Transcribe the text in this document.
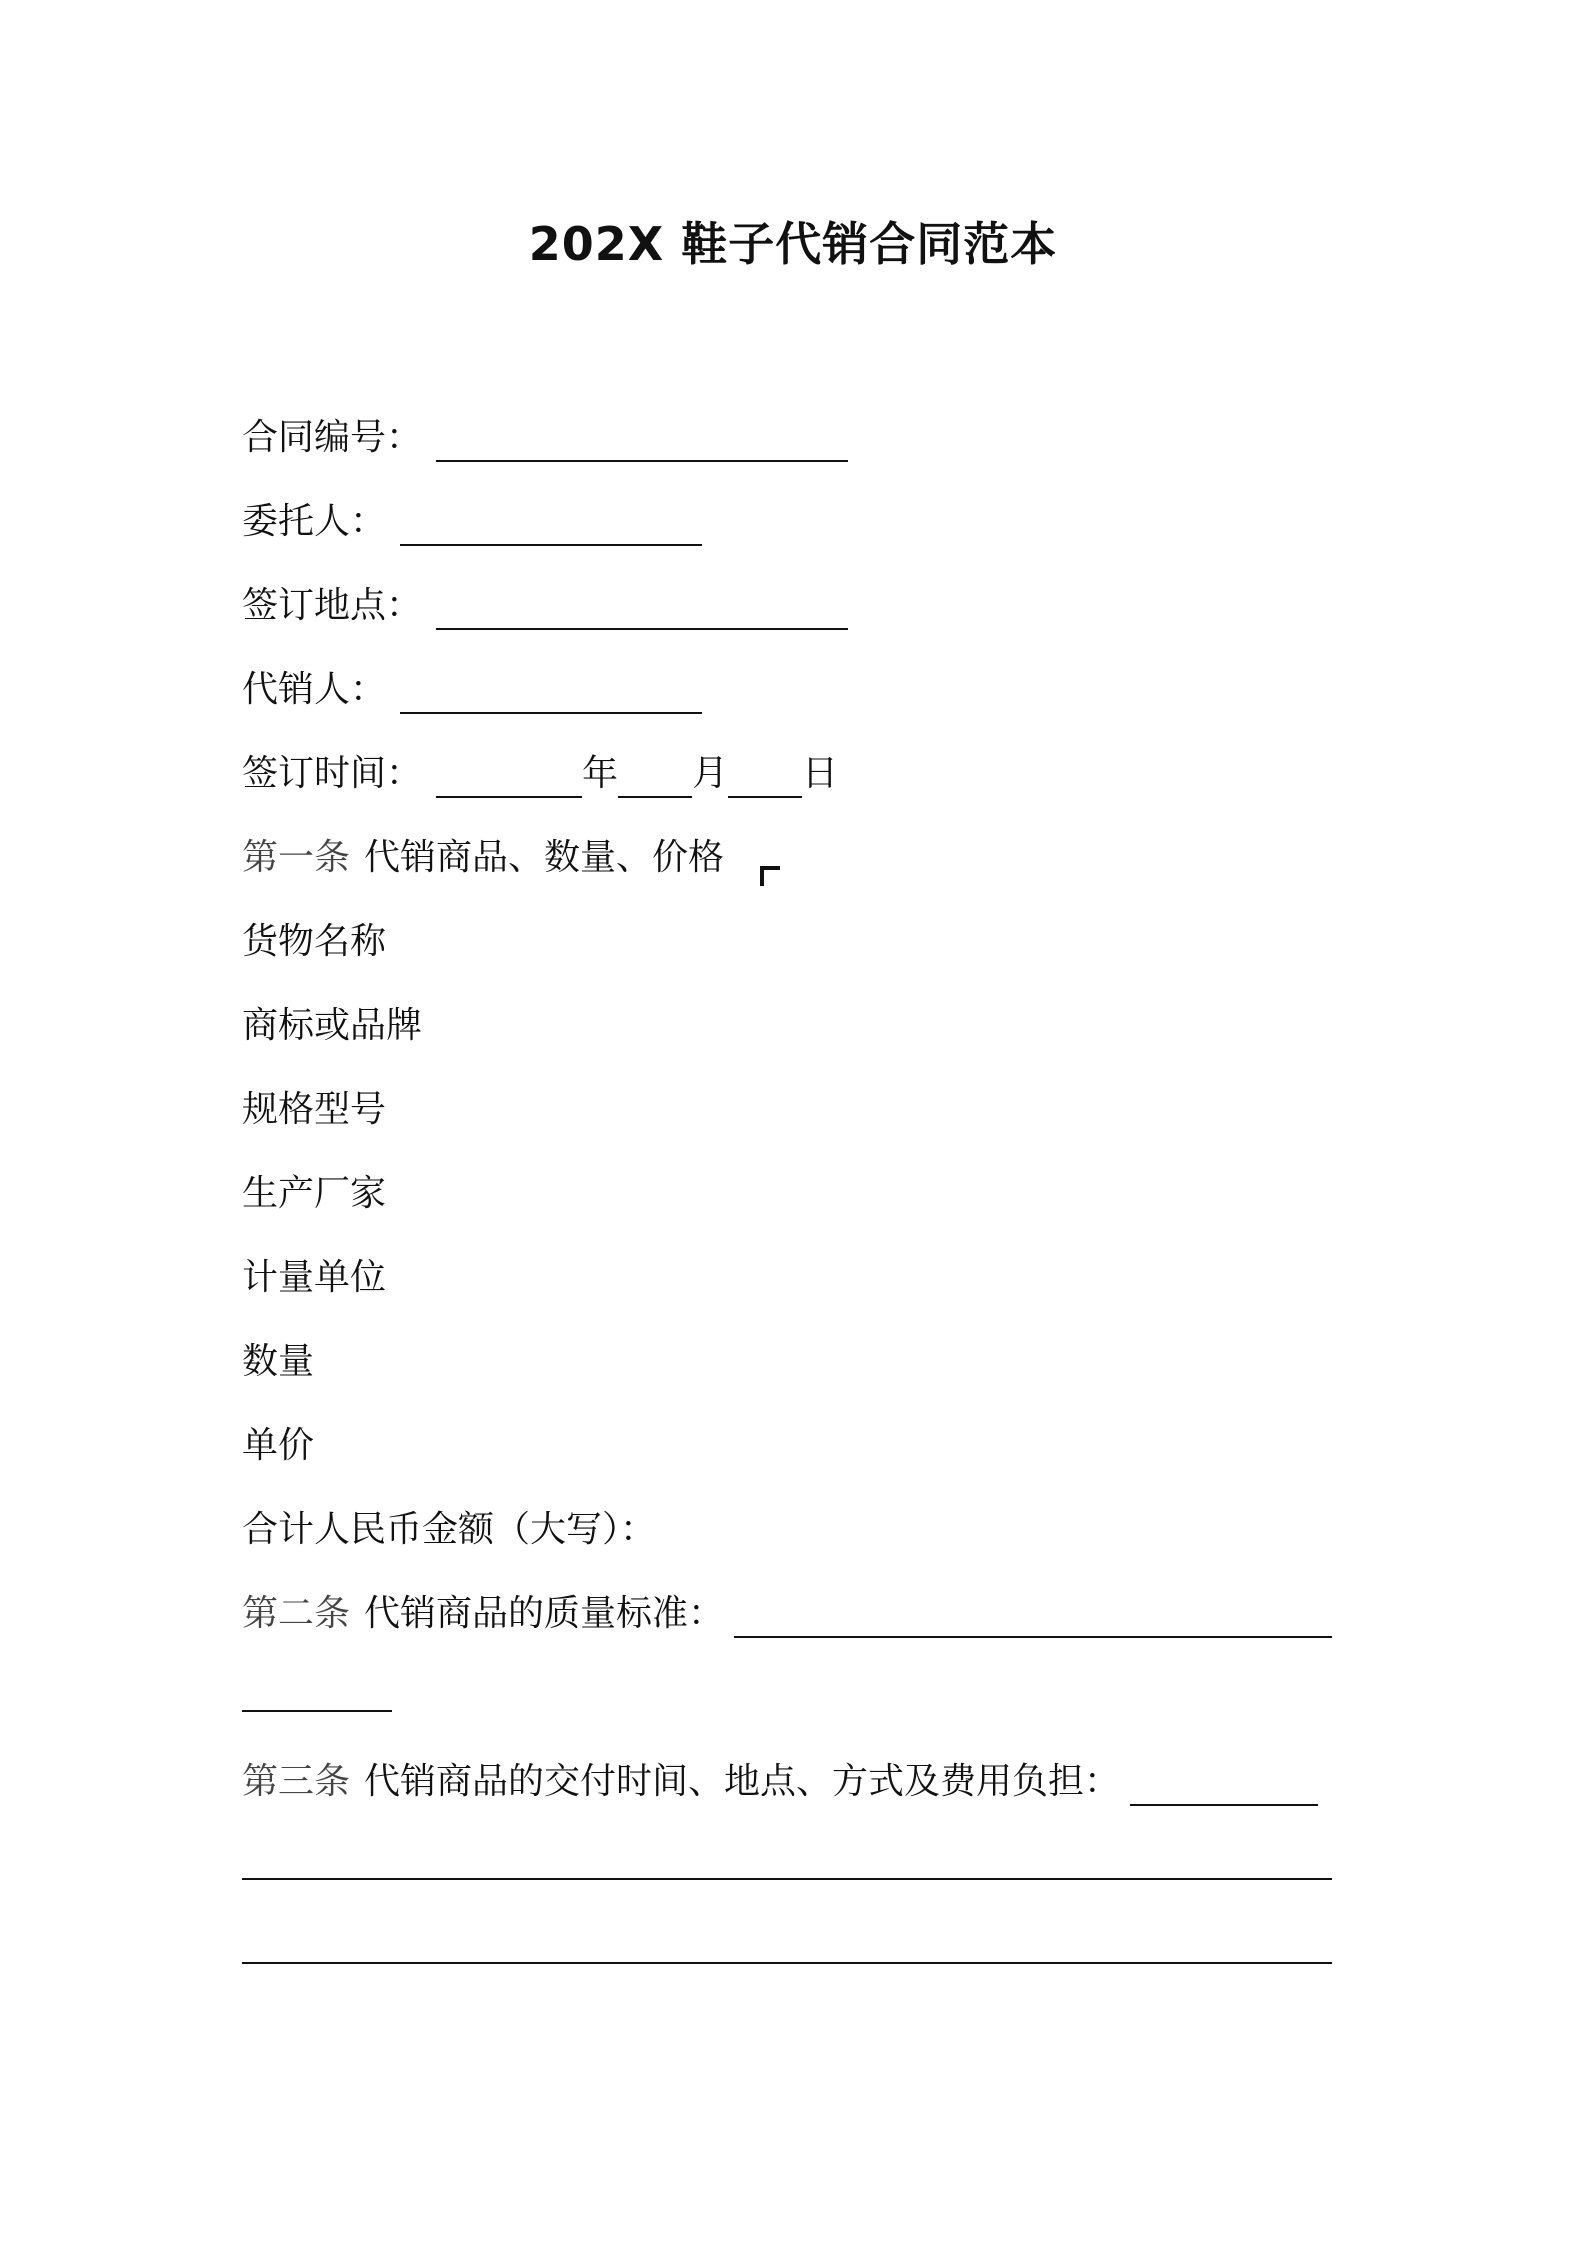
202X 鞋子代销合同范本
合同编号：
委托人：
签订地点：
代销人：
签订时间：	年 月 日
第一条 代销商品、数量、价格
货物名称
商标或品牌
规格型号
生产厂家
计量单位
数量
单价
合计人民币金额（大写）：
第二条 代销商品的质量标准：
第三条 代销商品的交付时间、地点、方式及费用负担：
